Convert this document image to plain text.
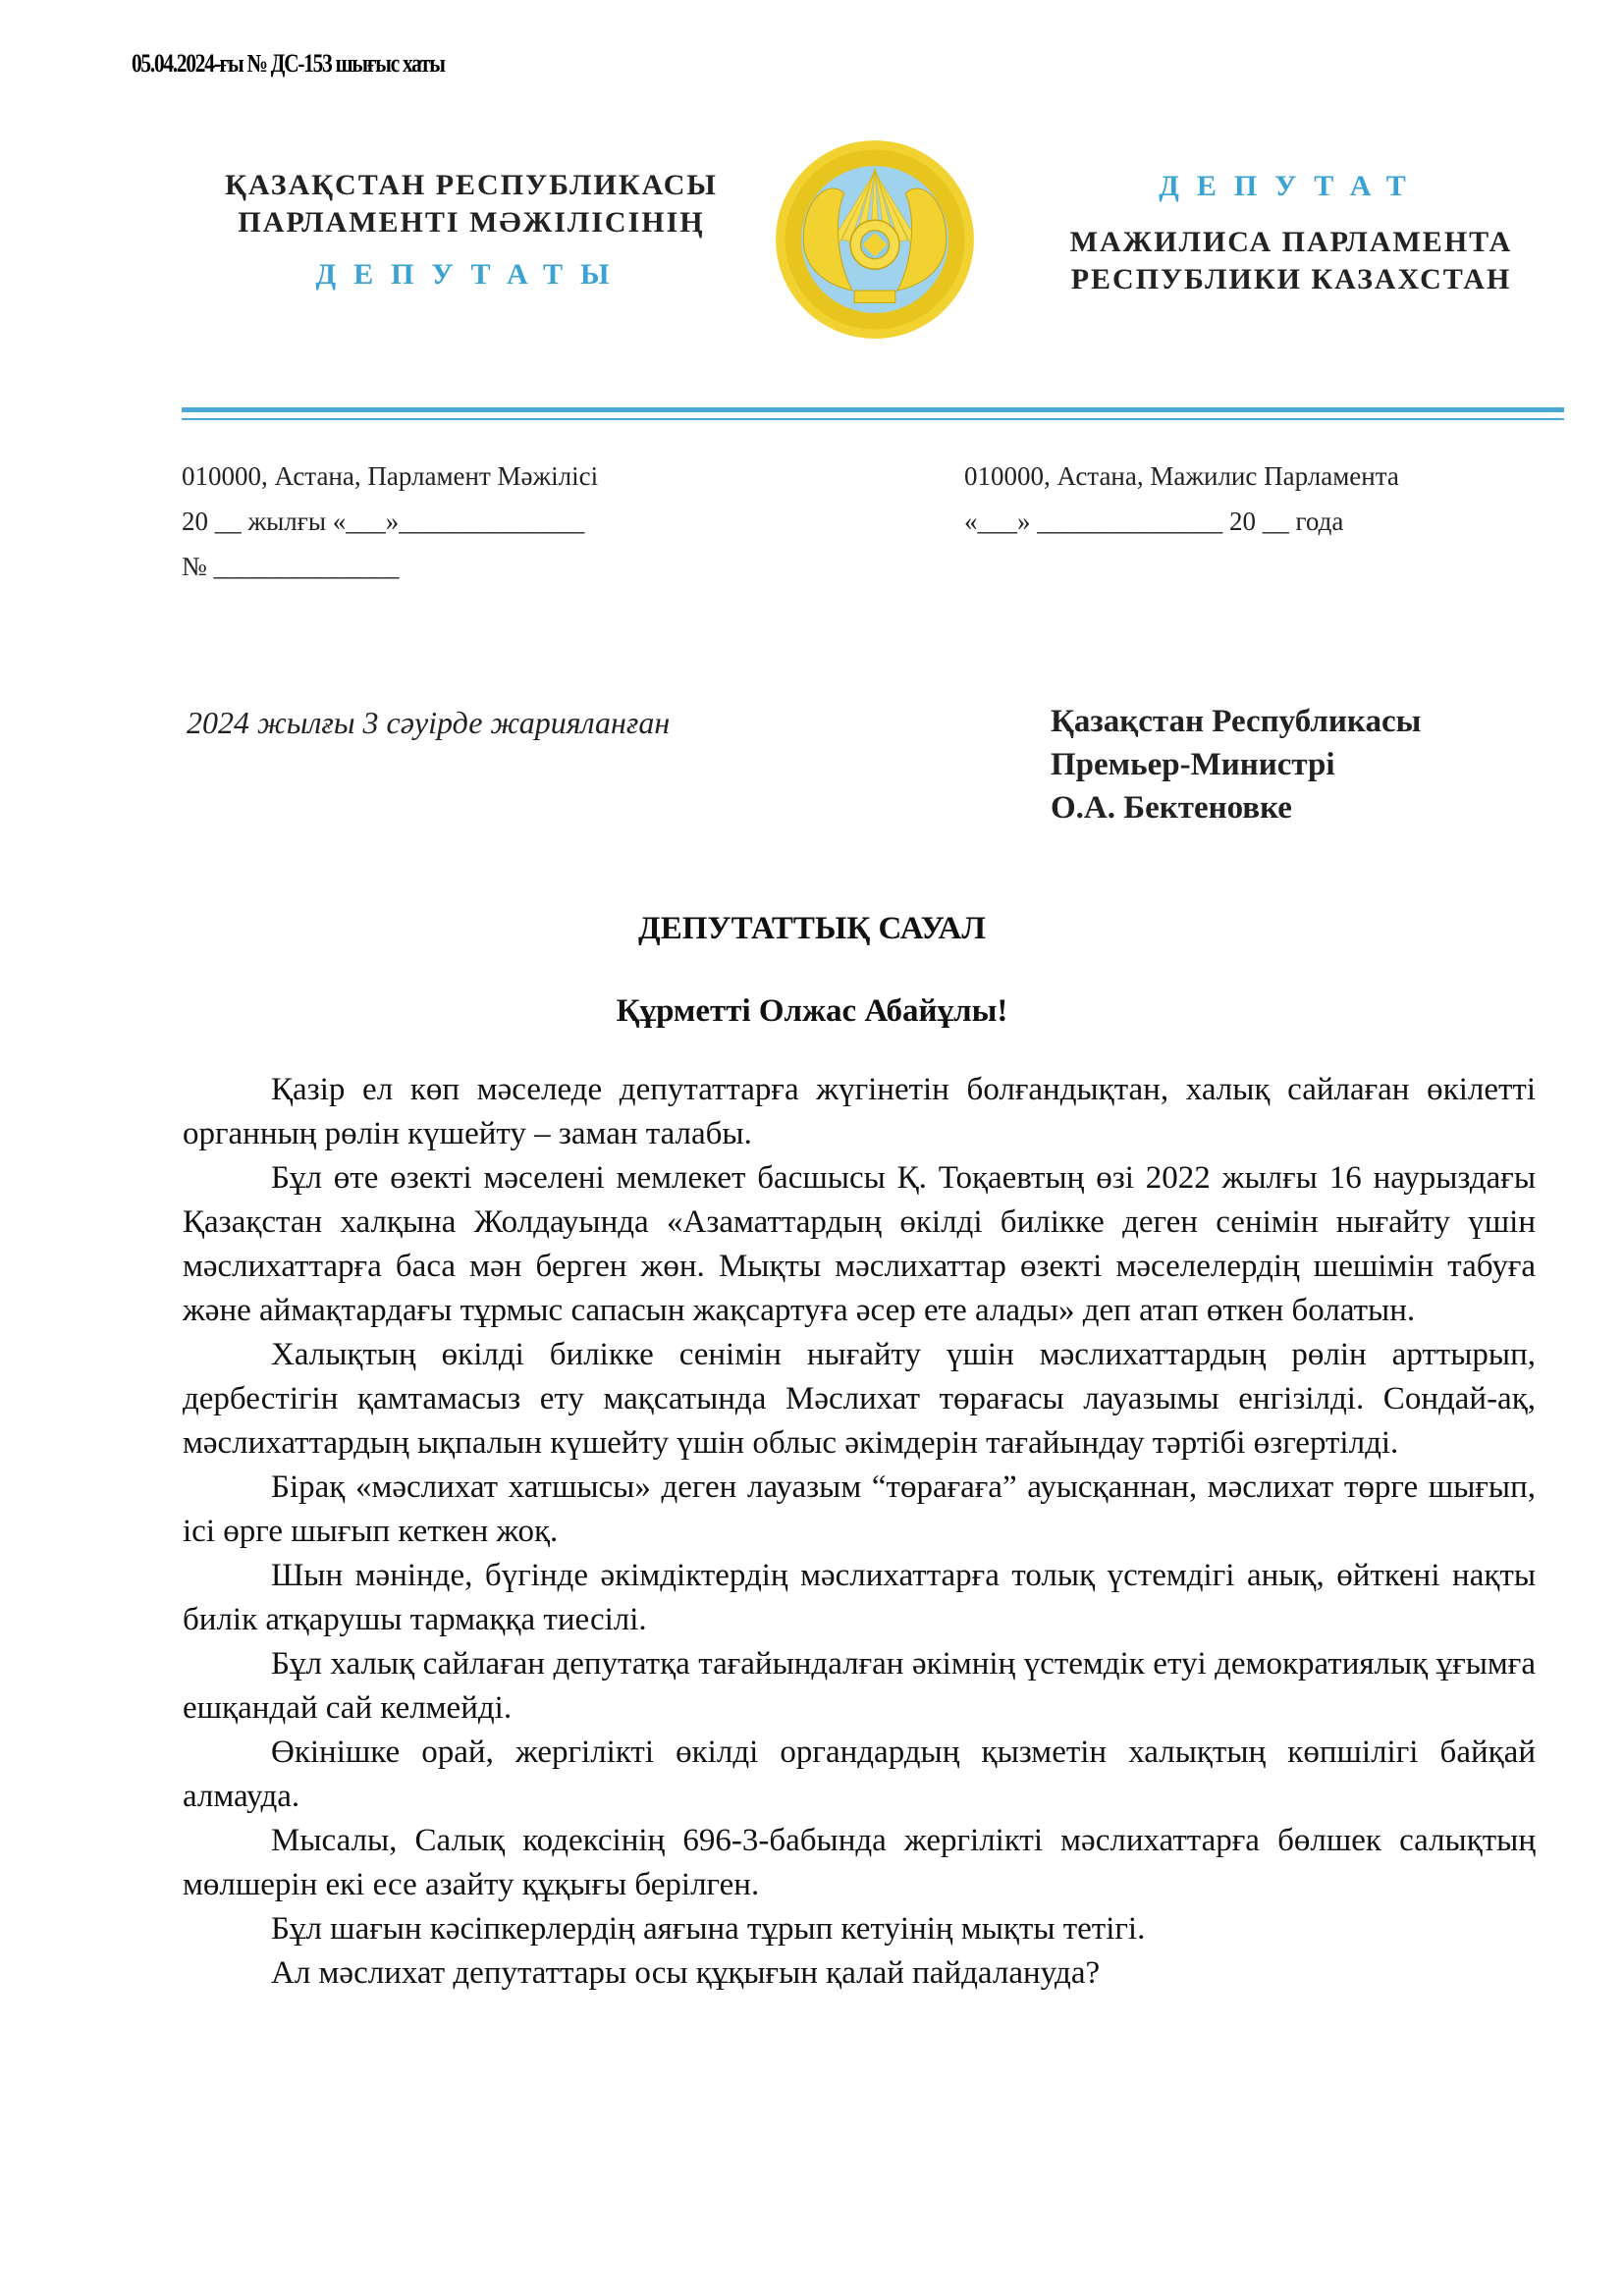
05.04.2024-ғы № ДС-153 шығыс хаты
ҚАЗАҚСТАН РЕСПУБЛИКАСЫ
ПАРЛАМЕНТІ МӘЖІЛІСІНІҢ
ДЕПУТАТЫ
ДЕПУТАТ
МАЖИЛИСА ПАРЛАМЕНТА
РЕСПУБЛИКИ КАЗАХСТАН
010000, Астана, Парламент Мәжілісі
20 __ жылғы «___»______________
№ ______________
010000, Астана, Мажилис Парламента
«___» ______________ 20 __ года
2024 жылғы 3 сәуірде жарияланған	Қазақстан Республикасы
Премьер-Министрі
О.А. Бектеновке
ДЕПУТАТТЫҚ САУАЛ
Құрметті Олжас Абайұлы!

Қазір ел көп мәселеде депутаттарға жүгінетін болғандықтан, халық сайлаған өкілетті органның рөлін күшейту – заман талабы.

Бұл өте өзекті мәселені мемлекет басшысы Қ. Тоқаевтың өзі 2022 жылғы 16 наурыздағы Қазақстан халқына Жолдауында «Азаматтардың өкілді билікке деген сенімін нығайту үшін мәслихаттарға баса мән берген жөн. Мықты мәслихаттар өзекті мәселелердің шешімін табуға және аймақтардағы тұрмыс сапасын жақсартуға әсер ете алады» деп атап өткен болатын.

Халықтың өкілді билікке сенімін нығайту үшін мәслихаттардың рөлін арттырып, дербестігін қамтамасыз ету мақсатында Мәслихат төрағасы лауазымы енгізілді. Сондай-ақ, мәслихаттардың ықпалын күшейту үшін облыс әкімдерін тағайындау тәртібі өзгертілді.

Бірақ «мәслихат хатшысы» деген лауазым “төрағаға” ауысқаннан, мәслихат төрге шығып, ісі өрге шығып кеткен жоқ.

Шын мәнінде, бүгінде әкімдіктердің мәслихаттарға толық үстемдігі анық, өйткені нақты билік атқарушы тармаққа тиесілі.

Бұл халық сайлаған депутатқа тағайындалған әкімнің үстемдік етуі демократиялық ұғымға ешқандай сай келмейді.

Өкінішке орай, жергілікті өкілді органдардың қызметін халықтың көпшілігі байқай алмауда.

Мысалы, Салық кодексінің 696-3-бабында жергілікті мәслихаттарға бөлшек салықтың мөлшерін екі есе азайту құқығы берілген.

Бұл шағын кәсіпкерлердің аяғына тұрып кетуінің мықты тетігі.

Ал мәслихат депутаттары осы құқығын қалай пайдалануда?
